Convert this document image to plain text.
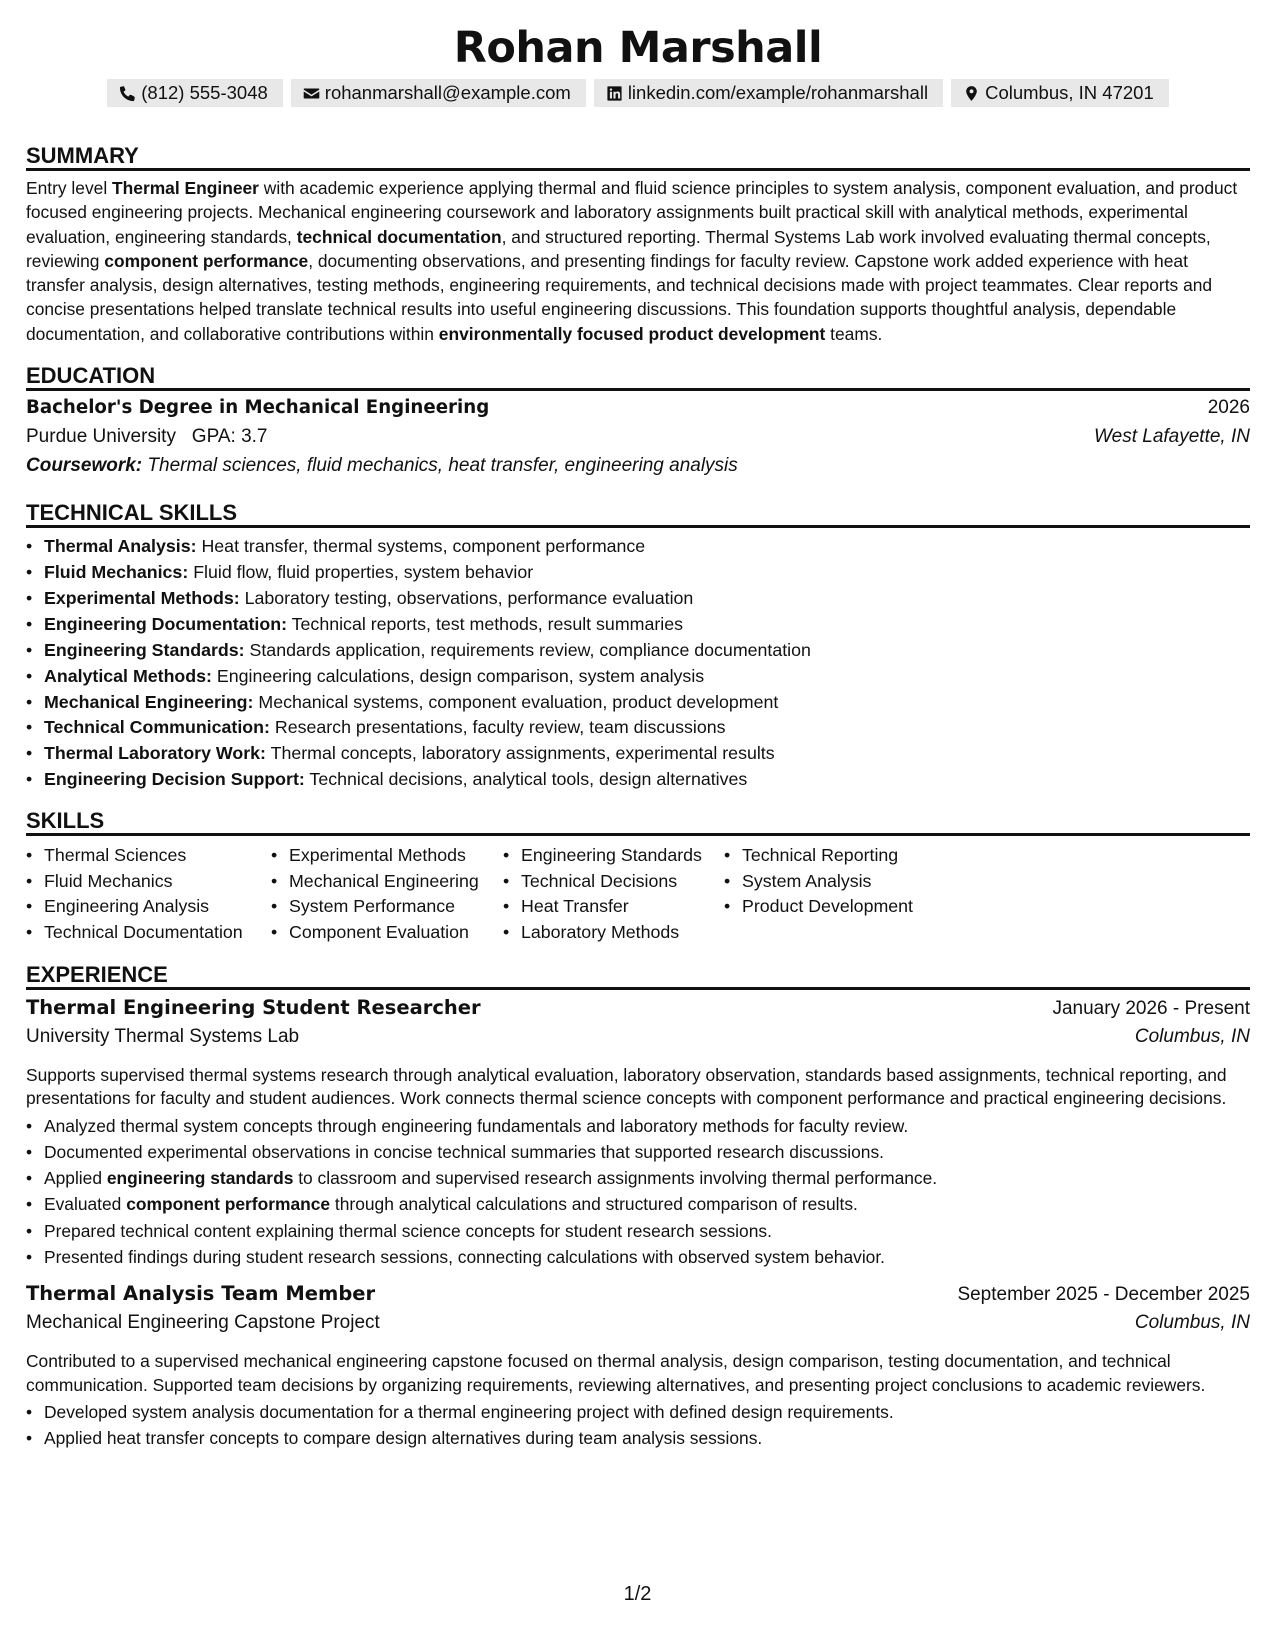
Rohan Marshall
(812) 555-3048	rohanmarshall@example.com	linkedin.com/example/rohanmarshall	Columbus, IN 47201
SUMMARY

Entry level Thermal Engineer with academic experience applying thermal and fluid science principles to system analysis, component evaluation, and product focused engineering projects. Mechanical engineering coursework and laboratory assignments built practical skill with analytical methods, experimental evaluation, engineering standards, technical documentation, and structured reporting. Thermal Systems Lab work involved evaluating thermal concepts, reviewing component performance, documenting observations, and presenting findings for faculty review. Capstone work added experience with heat transfer analysis, design alternatives, testing methods, engineering requirements, and technical decisions made with project teammates. Clear reports and concise presentations helped translate technical results into useful engineering discussions. This foundation supports thoughtful analysis, dependable documentation, and collaborative contributions within environmentally focused product development teams.

EDUCATION
Bachelor's Degree in Mechanical Engineering	2026
Purdue University GPA: 3.7	West Lafayette, IN
Coursework: Thermal sciences, fluid mechanics, heat transfer, engineering analysis
TECHNICAL SKILLS
• Thermal Analysis: Heat transfer, thermal systems, component performance
• Fluid Mechanics: Fluid flow, fluid properties, system behavior
• Experimental Methods: Laboratory testing, observations, performance evaluation
• Engineering Documentation: Technical reports, test methods, result summaries
• Engineering Standards: Standards application, requirements review, compliance documentation
• Analytical Methods: Engineering calculations, design comparison, system analysis
• Mechanical Engineering: Mechanical systems, component evaluation, product development
• Technical Communication: Research presentations, faculty review, team discussions
• Thermal Laboratory Work: Thermal concepts, laboratory assignments, experimental results
• Engineering Decision Support: Technical decisions, analytical tools, design alternatives
SKILLS
• Thermal Sciences
• Fluid Mechanics
• Engineering Analysis
• Technical Documentation
• Experimental Methods
• Mechanical Engineering
• System Performance
• Component Evaluation
• Engineering Standards
• Technical Decisions
• Heat Transfer
• Laboratory Methods
• Technical Reporting
• System Analysis
• Product Development
EXPERIENCE
Thermal Engineering Student Researcher	January 2026 - Present
University Thermal Systems Lab	Columbus, IN

Supports supervised thermal systems research through analytical evaluation, laboratory observation, standards based assignments, technical reporting, and presentations for faculty and student audiences. Work connects thermal science concepts with component performance and practical engineering decisions.

• Analyzed thermal system concepts through engineering fundamentals and laboratory methods for faculty review.
• Documented experimental observations in concise technical summaries that supported research discussions.
• Applied engineering standards to classroom and supervised research assignments involving thermal performance.
• Evaluated component performance through analytical calculations and structured comparison of results.
• Prepared technical content explaining thermal science concepts for student research sessions.
• Presented findings during student research sessions, connecting calculations with observed system behavior.
Thermal Analysis Team Member	September 2025 - December 2025
Mechanical Engineering Capstone Project	Columbus, IN

Contributed to a supervised mechanical engineering capstone focused on thermal analysis, design comparison, testing documentation, and technical communication. Supported team decisions by organizing requirements, reviewing alternatives, and presenting project conclusions to academic reviewers.

• Developed system analysis documentation for a thermal engineering project with defined design requirements.
• Applied heat transfer concepts to compare design alternatives during team analysis sessions.
1/2
